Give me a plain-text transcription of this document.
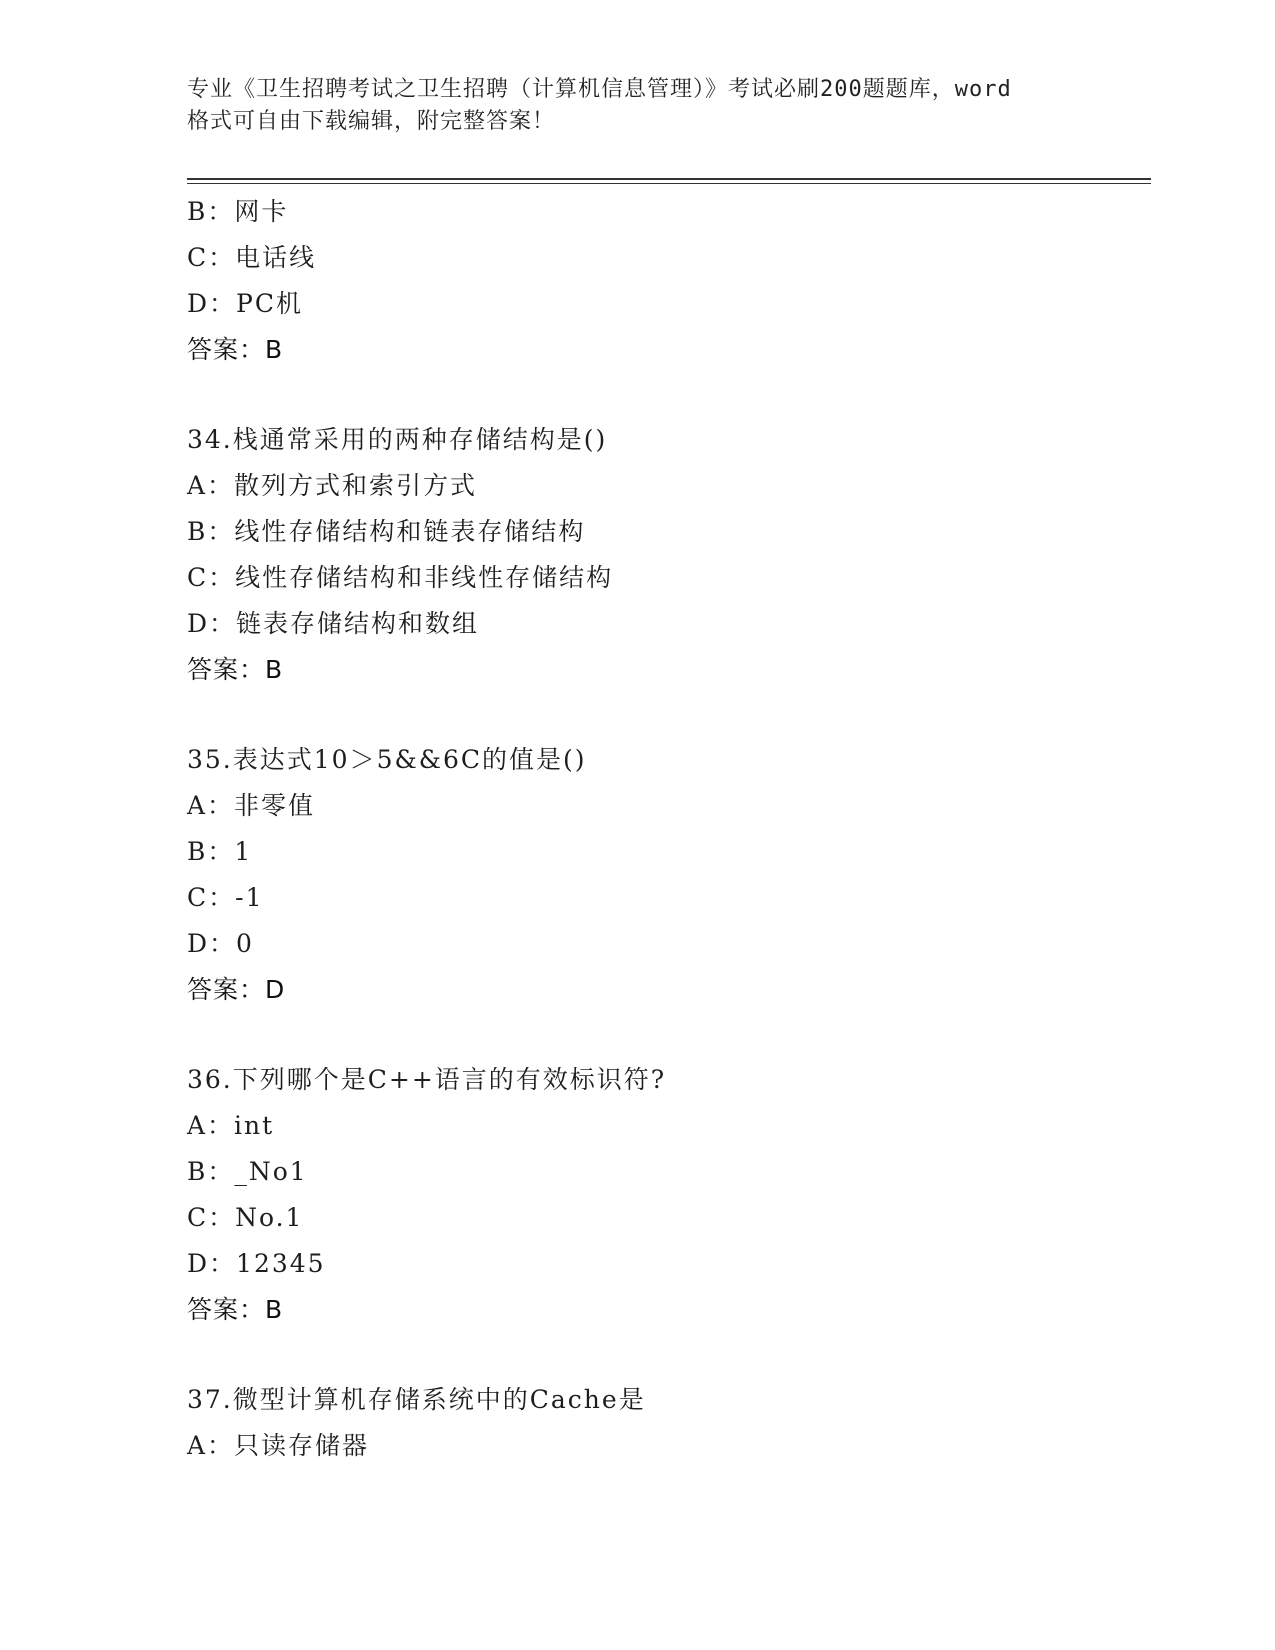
专业《卫生招聘考试之卫生招聘（计算机信息管理）》考试必刷200题题库，word
格式可自由下载编辑，附完整答案！
B：网卡
C：电话线
D：PC机
答案：B
34.栈通常采用的两种存储结构是()
A：散列方式和索引方式
B：线性存储结构和链表存储结构
C：线性存储结构和非线性存储结构
D：链表存储结构和数组
答案：B
35.表达式10＞5&&6C的值是()
A：非零值
B：1
C：-1
D：0
答案：D
36.下列哪个是C++语言的有效标识符?
A：int
B：_No1
C：No.1
D：12345
答案：B
37.微型计算机存储系统中的Cache是
A：只读存储器
